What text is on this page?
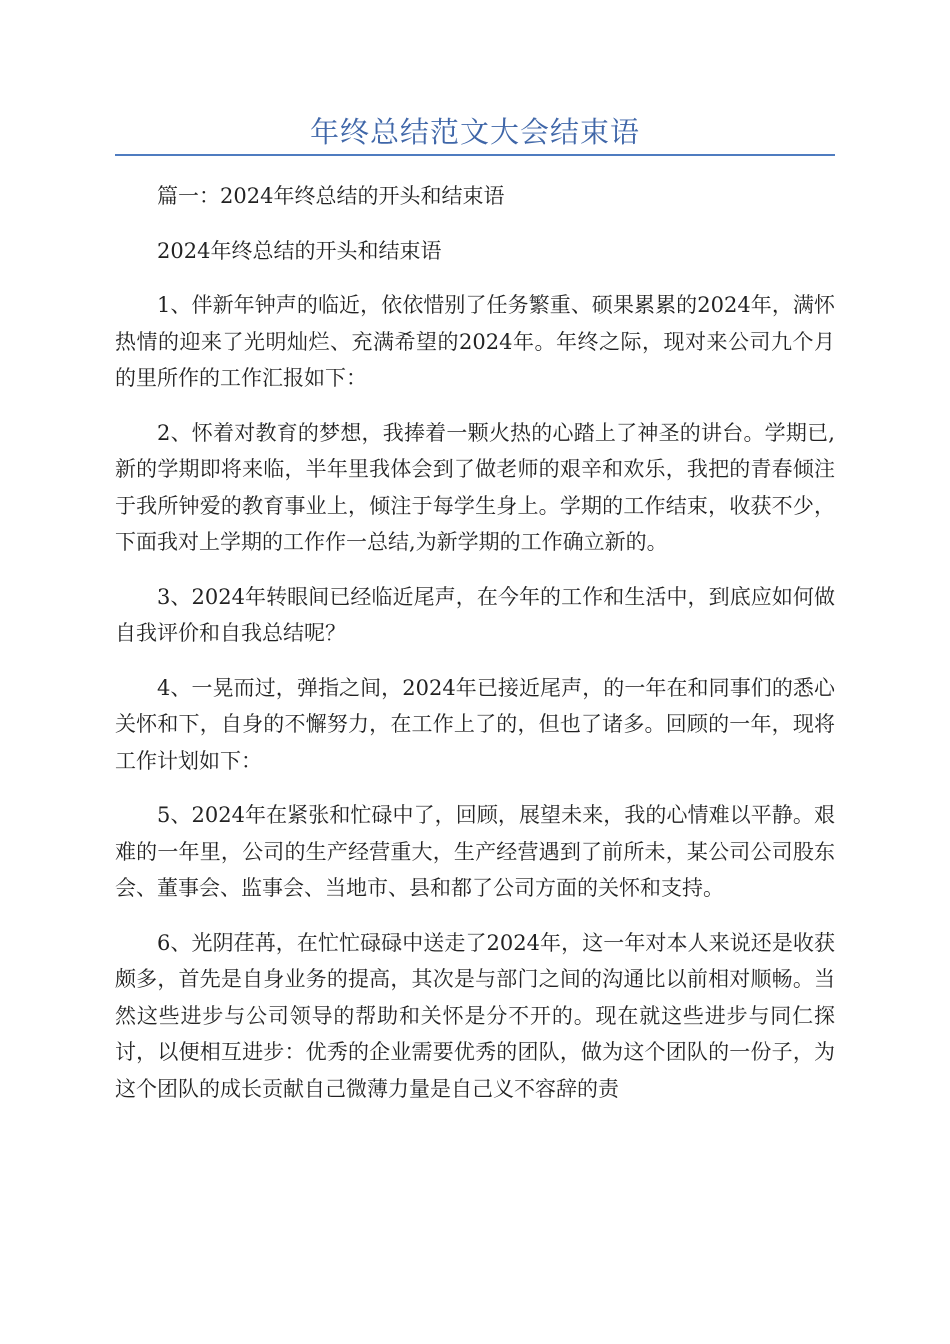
年终总结范文大会结束语

篇一：2024年终总结的开头和结束语

2024年终总结的开头和结束语

1、伴新年钟声的临近，依依惜别了任务繁重、硕果累累的2024年，满怀热情的迎来了光明灿烂、充满希望的2024年。年终之际，现对来公司九个月的里所作的工作汇报如下：

2、怀着对教育的梦想，我捧着一颗火热的心踏上了神圣的讲台。学期已,新的学期即将来临，半年里我体会到了做老师的艰辛和欢乐，我把的青春倾注于我所钟爱的教育事业上，倾注于每学生身上。学期的工作结束，收获不少，下面我对上学期的工作作一总结,为新学期的工作确立新的。

3、2024年转眼间已经临近尾声，在今年的工作和生活中，到底应如何做自我评价和自我总结呢？

4、一晃而过，弹指之间，2024年已接近尾声，的一年在和同事们的悉心关怀和下，自身的不懈努力，在工作上了的，但也了诸多。回顾的一年，现将工作计划如下：

5、2024年在紧张和忙碌中了，回顾，展望未来，我的心情难以平静。艰难的一年里，公司的生产经营重大，生产经营遇到了前所未，某公司公司股东会、董事会、监事会、当地市、县和都了公司方面的关怀和支持。

6、光阴荏苒，在忙忙碌碌中送走了2024年，这一年对本人来说还是收获颇多，首先是自身业务的提高，其次是与部门之间的沟通比以前相对顺畅。当然这些进步与公司领导的帮助和关怀是分不开的。现在就这些进步与同仁探讨，以便相互进步：优秀的企业需要优秀的团队，做为这个团队的一份子，为这个团队的成长贡献自己微薄力量是自己义不容辞的责
